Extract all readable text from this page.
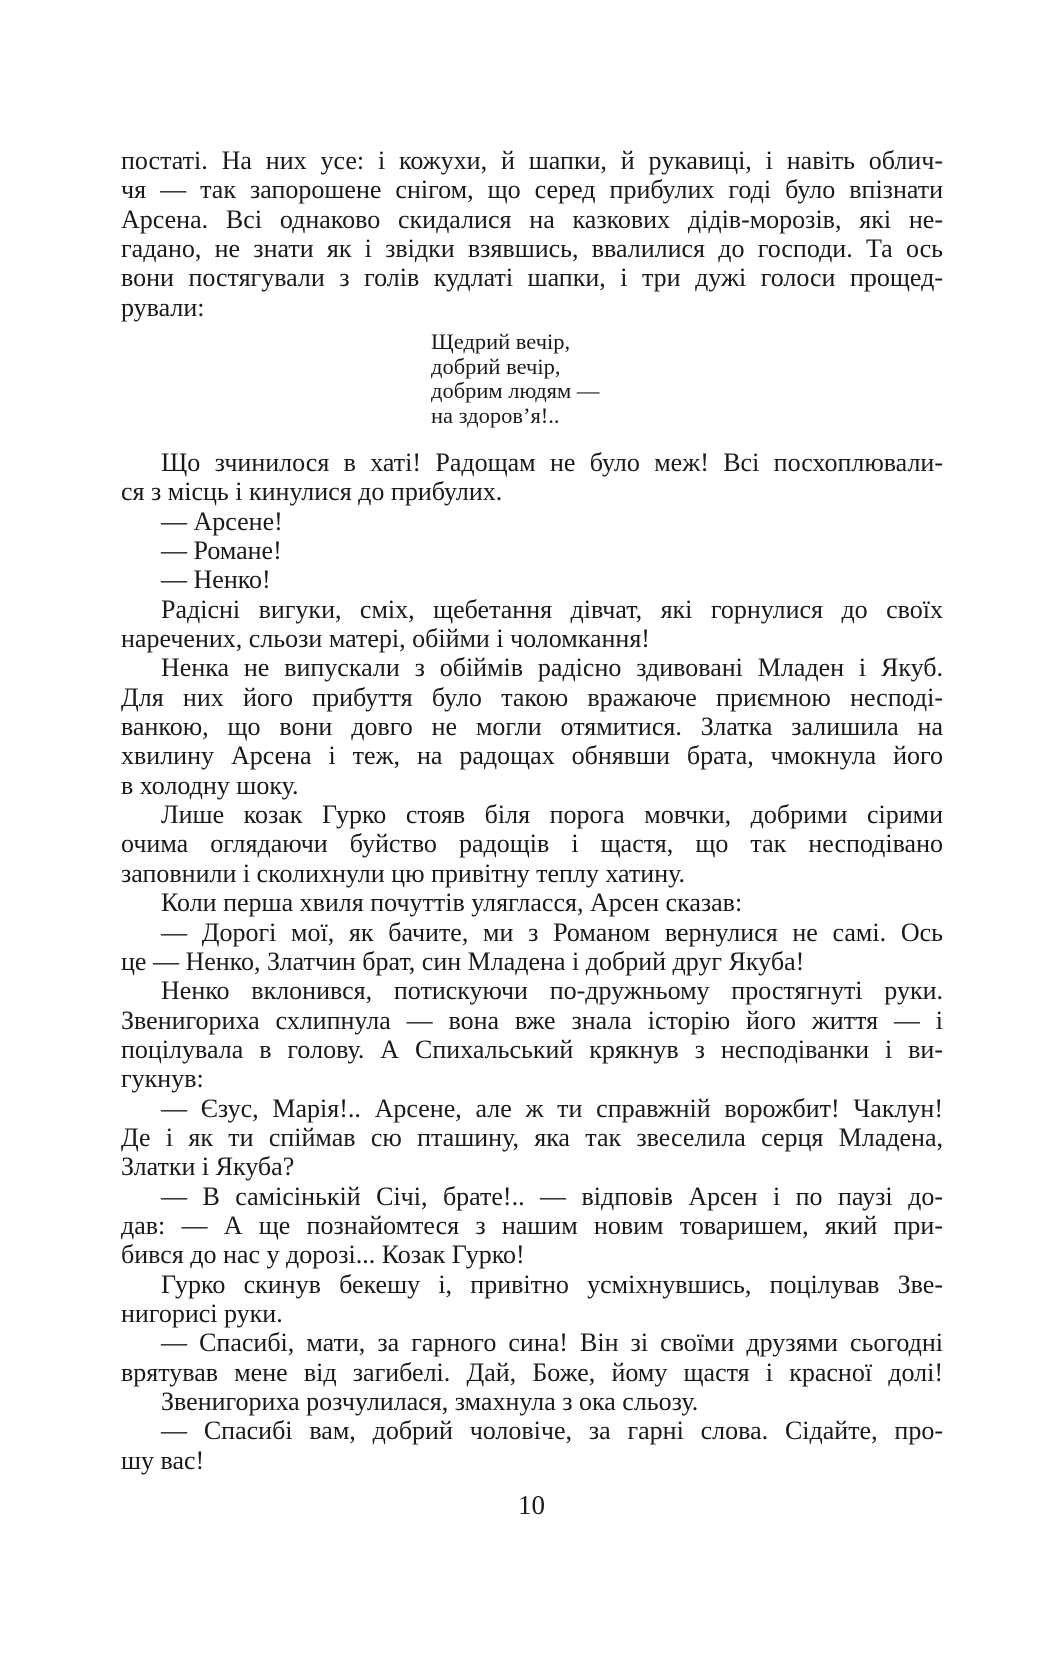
постаті. На них усе: і кожухи, й шапки, й рукавиці, і навіть облич-
чя — так запорошене снігом, що серед прибулих годі було впізнати
Арсена. Всі однаково скидалися на казкових дідів-морозів, які не-
гадано, не знати як і звідки взявшись, ввалилися до господи. Та ось
вони постягували з голів кудлаті шапки, і три дужі голоси прощед-
рували:
Щедрий вечір,
добрий вечір,
добрим людям —
на здоров’я!..
Що зчинилося в хаті! Радощам не було меж! Всі посхоплювали-
ся з місць і кинулися до прибулих.
— Арсене!
— Романе!
— Ненко!
Радісні вигуки, сміх, щебетання дівчат, які горнулися до своїх
наречених, сльози матері, обійми і чоломкання!
Ненка не випускали з обіймів радісно здивовані Младен і Якуб.
Для них його прибуття було такою вражаюче приємною несподі-
ванкою, що вони довго не могли отямитися. Златка залишила на
хвилину Арсена і теж, на радощах обнявши брата, чмокнула його
в холодну шоку.
Лише козак Гурко стояв біля порога мовчки, добрими сірими
очима оглядаючи буйство радощів і щастя, що так несподівано
заповнили і сколихнули цю привітну теплу хатину.
Коли перша хвиля почуттів улягласся, Арсен сказав:
— Дорогі мої, як бачите, ми з Романом вернулися не самі. Ось
це — Ненко, Златчин брат, син Младена і добрий друг Якуба!
Ненко вклонився, потискуючи по-дружньому простягнуті руки.
Звенигориха схлипнула — вона вже знала історію його життя — і
поцілувала в голову. А Спихальський крякнув з несподіванки і ви-
гукнув:
— Єзус, Марія!.. Арсене, але ж ти справжній ворожбит! Чаклун!
Де і як ти спіймав сю пташину, яка так звеселила серця Младена,
Златки і Якуба?
— В самісінькій Січі, брате!.. — відповів Арсен і по паузі до-
дав: — А ще познайомтеся з нашим новим товаришем, який при-
бився до нас у дорозі... Козак Гурко!
Гурко скинув бекешу і, привітно усміхнувшись, поцілував Зве-
нигорисі руки.
— Спасибі, мати, за гарного сина! Він зі своїми друзями сьогодні
врятував мене від загибелі. Дай, Боже, йому щастя і красної долі!
Звенигориха розчулилася, змахнула з ока сльозу.
— Спасибі вам, добрий чоловіче, за гарні слова. Сідайте, про-
шу вас!
10
